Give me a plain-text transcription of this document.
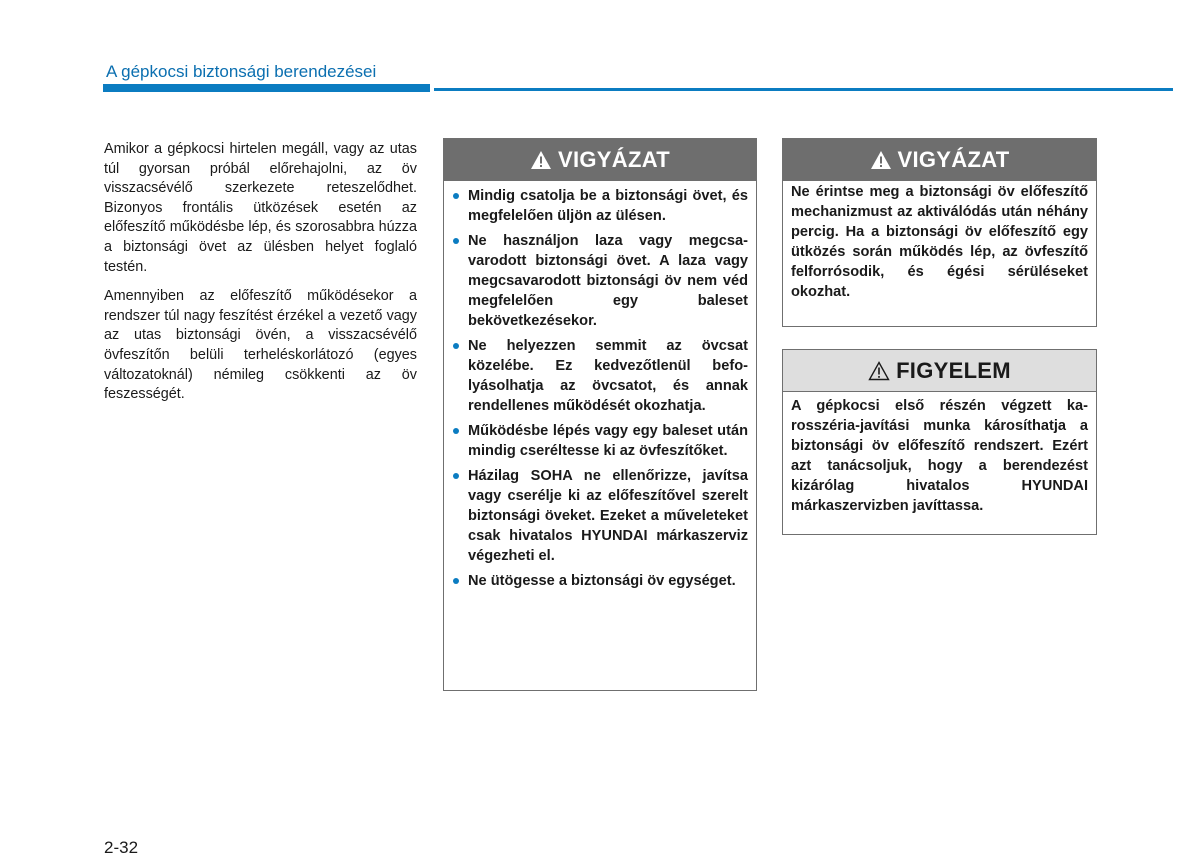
A gépkocsi biztonsági berendezései

Amikor a gépkocsi hirtelen megáll, vagy az utas túl gyorsan próbál előrehajolni, az öv visszacsévélő szerkezete reteszelődhet. Bizonyos frontális ütközések esetén az előfeszítő működésbe lép, és szorosabbra húzza a biztonsági övet az ülésben helyet foglaló testén.

Amennyiben az előfeszítő működésekor a rendszer túl nagy feszítést érzékel a vezető vagy az utas biztonsági övén, a visszacsévélő övfeszítőn belüli terheléskorlátozó (egyes változatoknál) némileg csökkenti az öv feszességét.

VIGYÁZAT
Mindig csatolja be a biztonsági övet, és megfelelően üljön az ülésen.
Ne használjon laza vagy megcsavarodott biztonsági övet. A laza vagy megcsavarodott biztonsági öv nem véd megfelelően egy baleset bekövetkezésekor.
Ne helyezzen semmit az övcsat közelébe. Ez kedvezőtlenül befolyásolhatja az övcsatot, és annak rendellenes működését okozhatja.
Működésbe lépés vagy egy baleset után mindig cseréltesse ki az övfeszítőket.
Házilag SOHA ne ellenőrizze, javítsa vagy cserélje ki az előfeszítővel szerelt biztonsági öveket. Ezeket a műveleteket csak hivatalos HYUNDAI márkaszerviz végezheti el.
Ne ütögesse a biztonsági öv egységet.
VIGYÁZAT

Ne érintse meg a biztonsági öv előfeszítő mechanizmust az aktiválódás után néhány percig. Ha a biztonsági öv előfeszítő egy ütközés során működés lép, az övfeszítő felforrósodik, és égési sérüléseket okozhat.

FIGYELEM

A gépkocsi első részén végzett karosszéria-javítási munka károsíthatja a biztonsági öv előfeszítő rendszert. Ezért azt tanácsoljuk, hogy a berendezést kizárólag hivatalos HYUNDAI márkaszervizben javíttassa.

2-32
